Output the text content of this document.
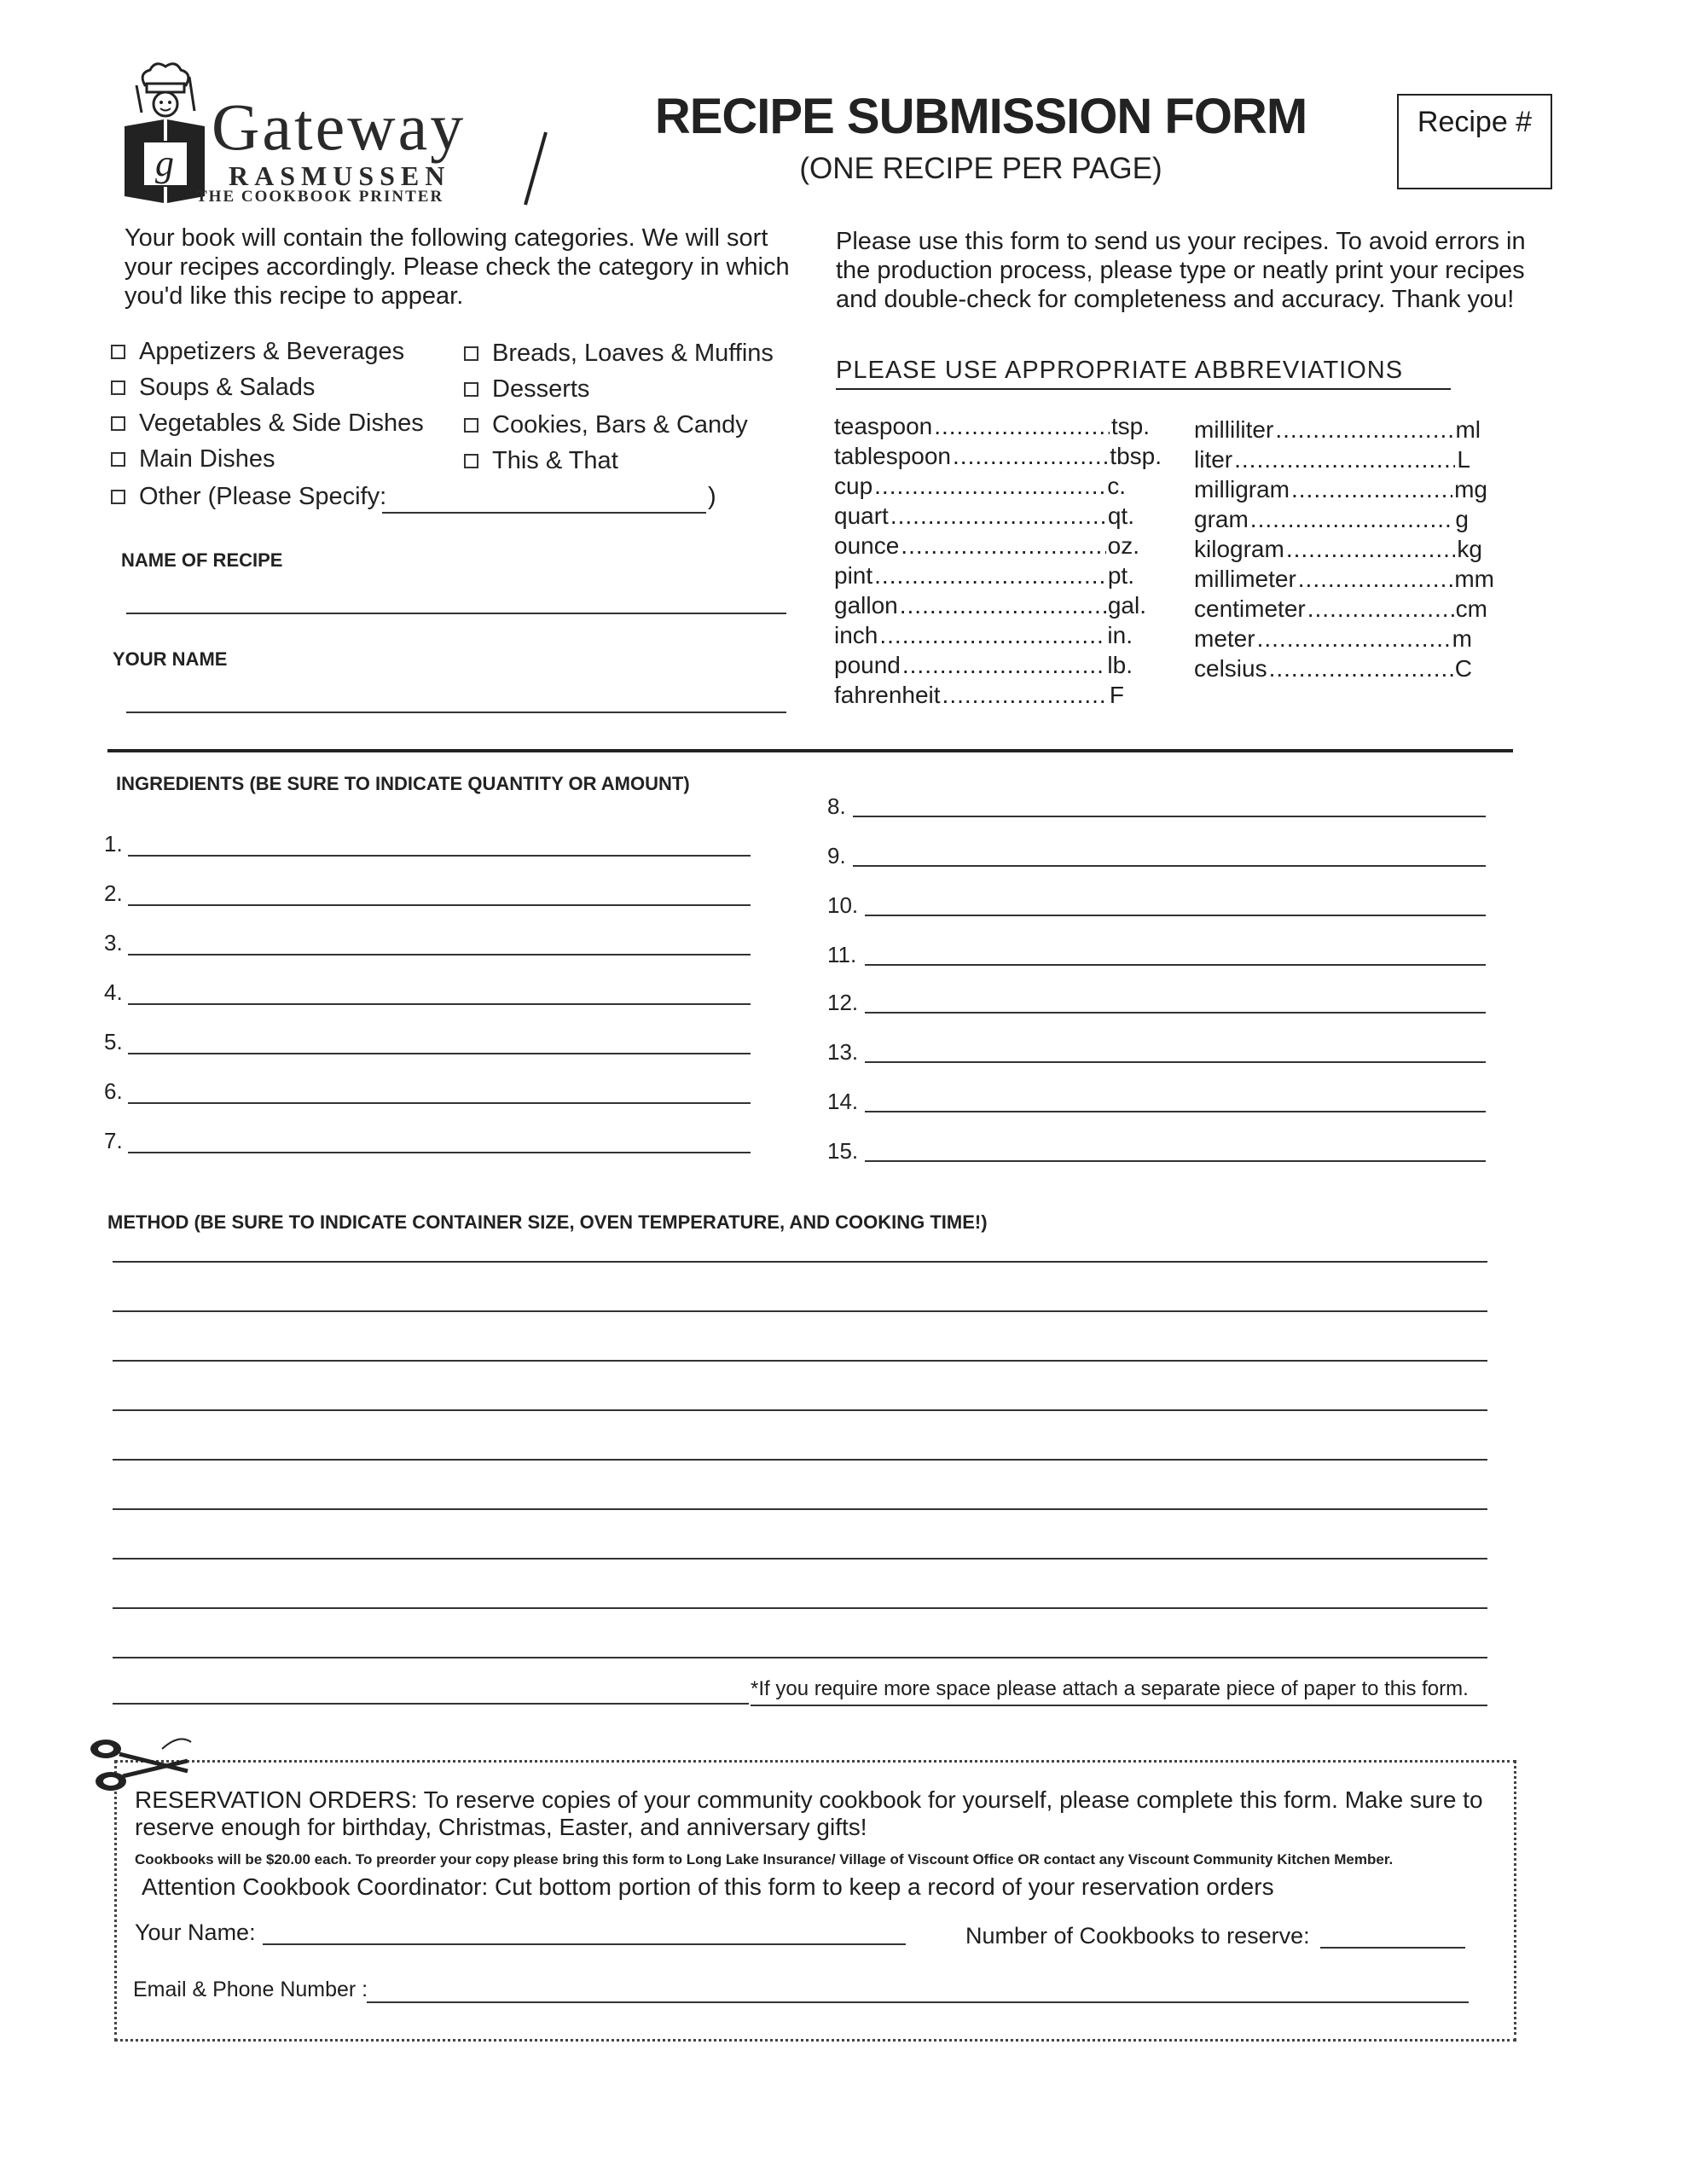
g Gateway
RASMUSSEN
THE COOKBOOK PRINTER
RECIPE SUBMISSION FORM
(ONE RECIPE PER PAGE)
Recipe #
Your book will contain the following categories. We will sort your recipes accordingly. Please check the category in which you'd like this recipe to appear.
Please use this form to send us your recipes. To avoid errors in the production process, please type or neatly print your recipes and double-check for completeness and accuracy. Thank you!
Appetizers & Beverages
Soups & Salads
Vegetables & Side Dishes
Main Dishes
Other (Please Specify:	)
Breads, Loaves & Muffins
Desserts
Cookies, Bars & Candy
This & That
NAME OF RECIPE
YOUR NAME
PLEASE USE APPROPRIATE ABBREVIATIONS
teaspoon .....	tsp.
tablespoon .....	tbsp.
cup .....	c.
quart .....	qt.
ounce .....	oz.
pint .....	pt.
gallon .....	gal.
inch .....	in.
pound .....	lb.
fahrenheit .....	F
milliliter .....	ml
liter .....	L
milligram .....	mg
gram .....	g
kilogram .....	kg
millimeter .....	mm
centimeter .....	cm
meter .....	m
celsius .....	C
INGREDIENTS (BE SURE TO INDICATE QUANTITY OR AMOUNT)
1.
2.
3.
4.
5.
6.
7.
8.
9.
10.
11.
12.
13.
14.
15.
METHOD (BE SURE TO INDICATE CONTAINER SIZE, OVEN TEMPERATURE, AND COOKING TIME!)
*If you require more space please attach a separate piece of paper to this form.
RESERVATION ORDERS: To reserve copies of your community cookbook for yourself, please complete this form. Make sure to reserve enough for birthday, Christmas, Easter, and anniversary gifts!
Cookbooks will be $20.00 each. To preorder your copy please bring this form to Long Lake Insurance/ Village of Viscount Office OR contact any Viscount Community Kitchen Member.
Attention Cookbook Coordinator: Cut bottom portion of this form to keep a record of your reservation orders
Your Name:	Number of Cookbooks to reserve:
Email & Phone Number :
